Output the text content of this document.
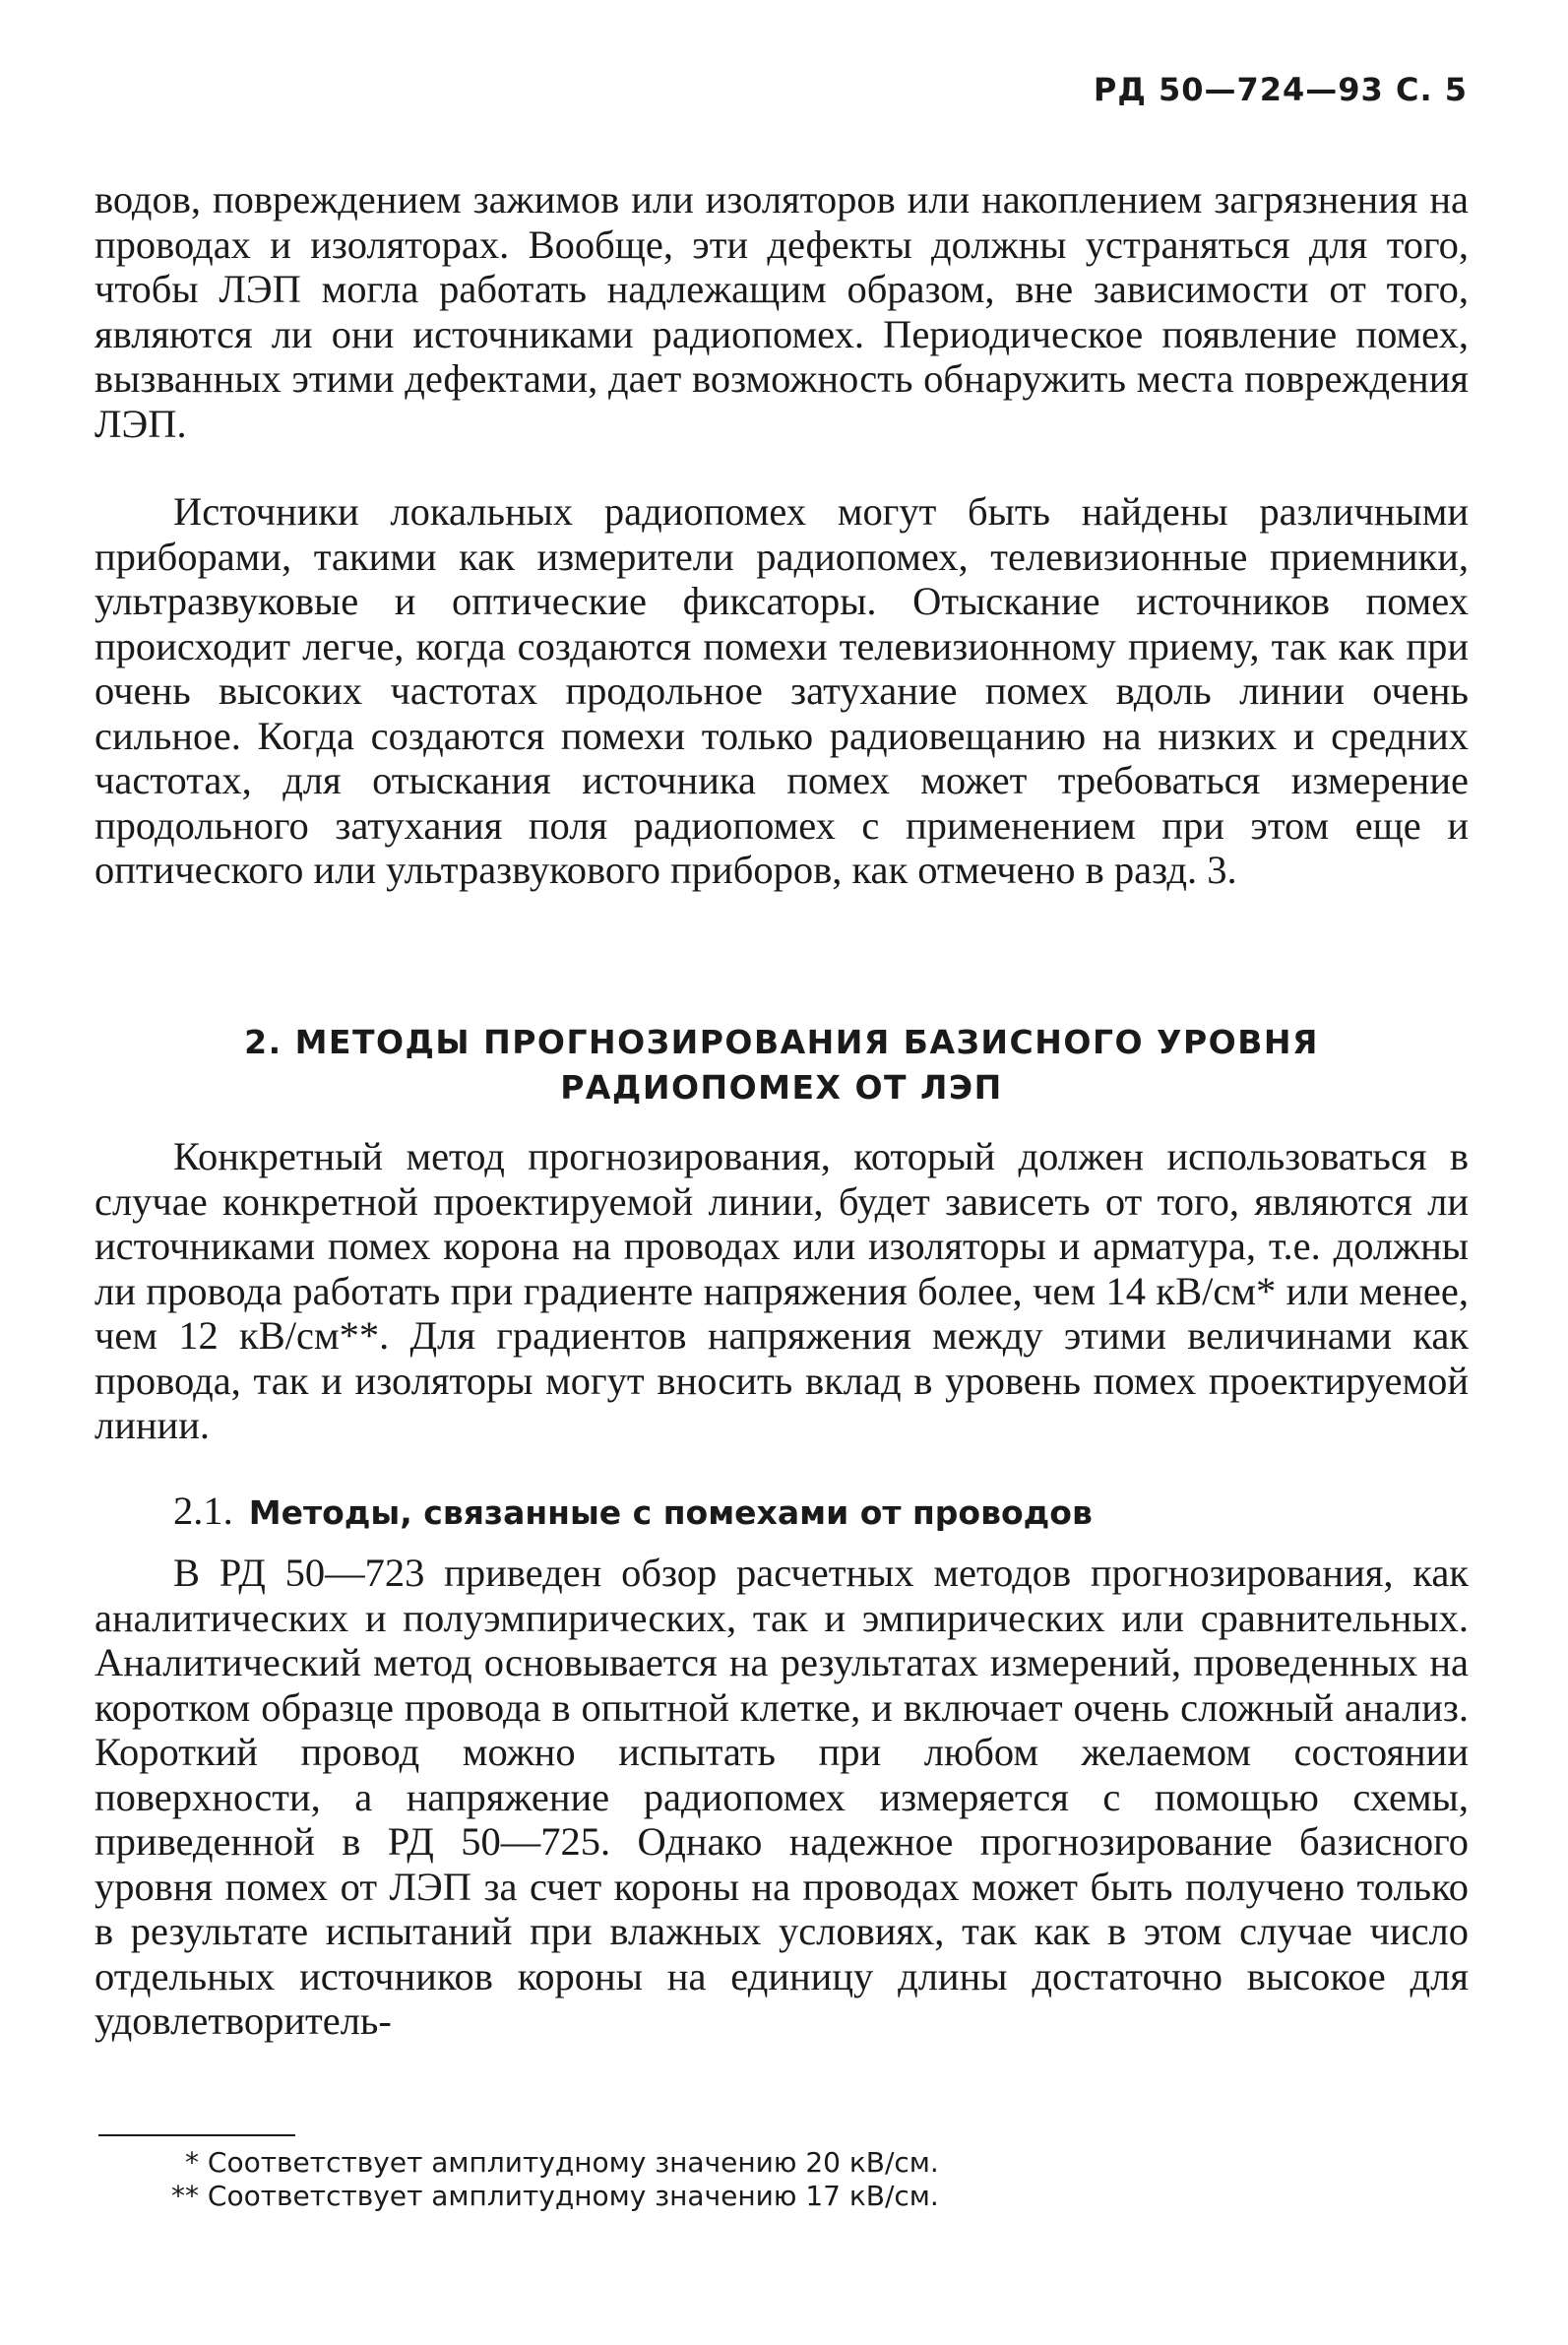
РД 50—724—93 С. 5

водов, повреждением зажимов или изоляторов или накоплением загрязнения на проводах и изоляторах. Вообще, эти дефекты должны устраняться для того, чтобы ЛЭП могла работать надлежащим образом, вне зависимости от того, являются ли они источниками радиопомех. Периодическое появление помех, вызванных этими дефектами, дает возможность обнаружить места повреждения ЛЭП.

Источники локальных радиопомех могут быть найдены различными приборами, такими как измерители радиопомех, телевизионные приемники, ультразвуковые и оптические фиксаторы. Отыскание источников помех происходит легче, когда создаются помехи телевизионному приему, так как при очень высоких частотах продольное затухание помех вдоль линии очень сильное. Когда создаются помехи только радиовещанию на низких и средних частотах, для отыскания источника помех может требоваться измерение продольного затухания поля радиопомех с применением при этом еще и оптического или ультразвукового приборов, как отмечено в разд. 3.

2. МЕТОДЫ ПРОГНОЗИРОВАНИЯ БАЗИСНОГО УРОВНЯ
РАДИОПОМЕХ ОТ ЛЭП

Конкретный метод прогнозирования, который должен использоваться в случае конкретной проектируемой линии, будет зависеть от того, являются ли источниками помех корона на проводах или изоляторы и арматура, т.е. должны ли провода работать при градиенте напряжения более, чем 14 кВ/см* или менее, чем 12 кВ/см**. Для градиентов напряжения между этими величинами как провода, так и изоляторы могут вносить вклад в уровень помех проектируемой линии.

2.1. Методы, связанные с помехами от проводов

В РД 50—723 приведен обзор расчетных методов прогнозирования, как аналитических и полуэмпирических, так и эмпирических или сравнительных. Аналитический метод основывается на результатах измерений, проведенных на коротком образце провода в опытной клетке, и включает очень сложный анализ. Короткий провод можно испытать при любом желаемом состоянии поверхности, а напряжение радиопомех измеряется с помощью схемы, приведенной в РД 50—725. Однако надежное прогнозирование базисного уровня помех от ЛЭП за счет короны на проводах может быть получено только в результате испытаний при влажных условиях, так как в этом случае число отдельных источников короны на единицу длины достаточно высокое для удовлетворитель-

* Соответствует амплитудному значению 20 кВ/см.
** Соответствует амплитудному значению 17 кВ/см.
